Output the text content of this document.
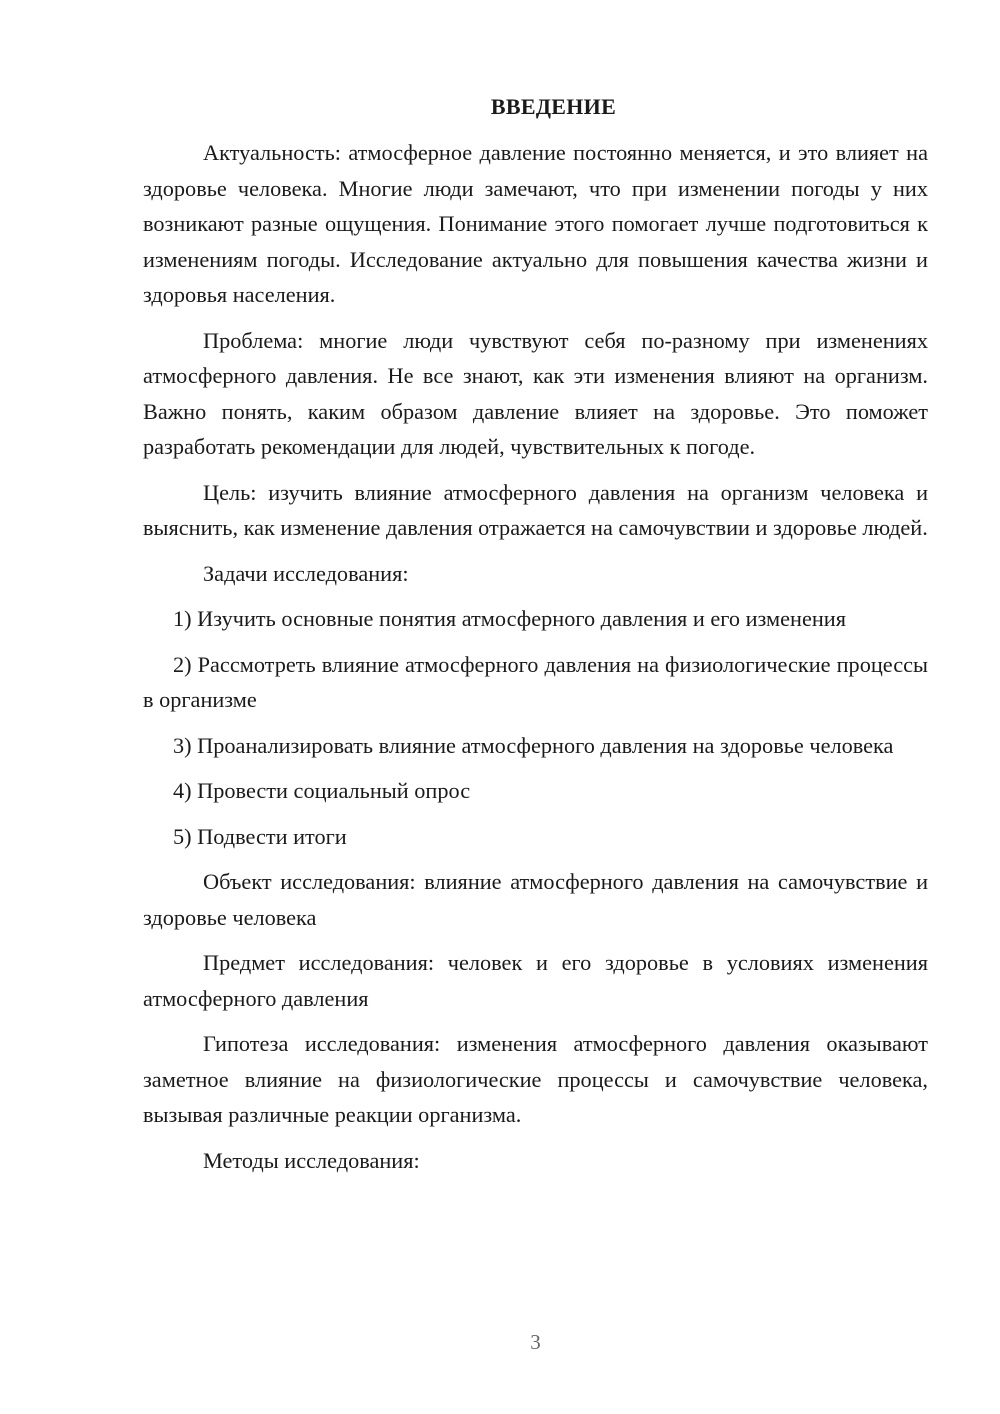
ВВЕДЕНИЕ

Актуальность: атмосферное давление постоянно меняется, и это влияет на здоровье человека. Многие люди замечают, что при изменении погоды у них возникают разные ощущения. Понимание этого помогает лучше подготовиться к изменениям погоды. Исследование актуально для повышения качества жизни и здоровья населения.

Проблема: многие люди чувствуют себя по-разному при изменениях атмосферного давления. Не все знают, как эти изменения влияют на организм. Важно понять, каким образом давление влияет на здоровье. Это поможет разработать рекомендации для людей, чувствительных к погоде.

Цель: изучить влияние атмосферного давления на организм человека и выяснить, как изменение давления отражается на самочувствии и здоровье людей.

Задачи исследования:

1) Изучить основные понятия атмосферного давления и его изменения

2) Рассмотреть влияние атмосферного давления на физиологические процессы в организме

3) Проанализировать влияние атмосферного давления на здоровье человека

4) Провести социальный опрос

5) Подвести итоги

Объект исследования: влияние атмосферного давления на самочувствие и здоровье человека

Предмет исследования: человек и его здоровье в условиях изменения атмосферного давления

Гипотеза исследования: изменения атмосферного давления оказывают заметное влияние на физиологические процессы и самочувствие человека, вызывая различные реакции организма.

Методы исследования:

3
